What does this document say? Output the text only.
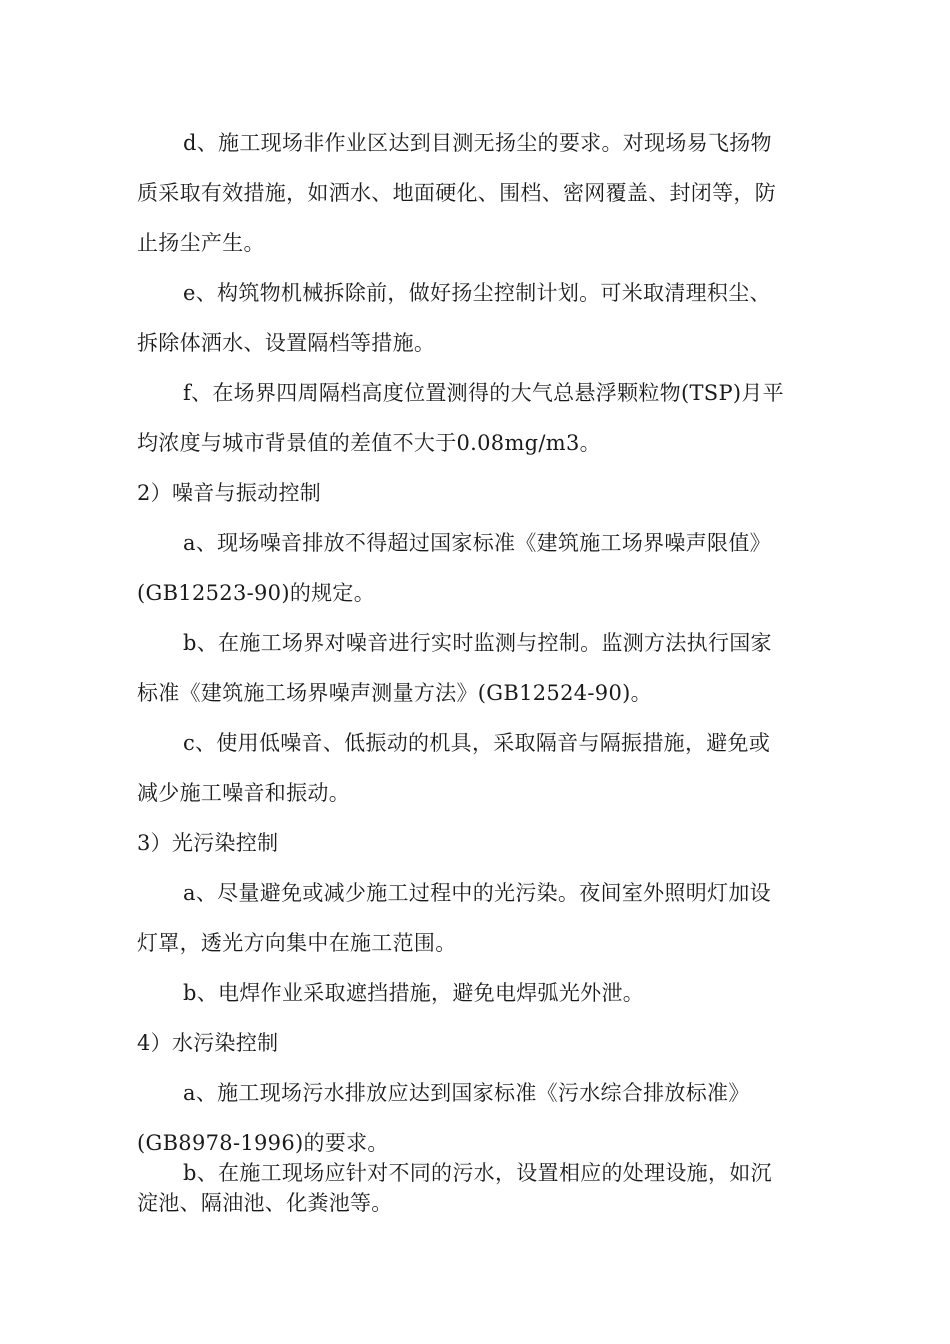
d、施工现场非作业区达到目测无扬尘的要求。对现场易飞扬物
质采取有效措施，如洒水、地面硬化、围档、密网覆盖、封闭等，防
止扬尘产生。
e、构筑物机械拆除前，做好扬尘控制计划。可米取清理积尘、
拆除体洒水、设置隔档等措施。
f、在场界四周隔档高度位置测得的大气总悬浮颗粒物(TSP)月平
均浓度与城市背景值的差值不大于0.08mg/m3。
2）噪音与振动控制
a、现场噪音排放不得超过国家标准《建筑施工场界噪声限值》
(GB12523-90)的规定。
b、在施工场界对噪音进行实时监测与控制。监测方法执行国家
标准《建筑施工场界噪声测量方法》(GB12524-90)。
c、使用低噪音、低振动的机具，采取隔音与隔振措施，避免或
减少施工噪音和振动。
3）光污染控制
a、尽量避免或减少施工过程中的光污染。夜间室外照明灯加设
灯罩，透光方向集中在施工范围。
b、电焊作业采取遮挡措施，避免电焊弧光外泄。
4）水污染控制
a、施工现场污水排放应达到国家标准《污水综合排放标准》
(GB8978-1996)的要求。
b、在施工现场应针对不同的污水，设置相应的处理设施，如沉
淀池、隔油池、化粪池等。
